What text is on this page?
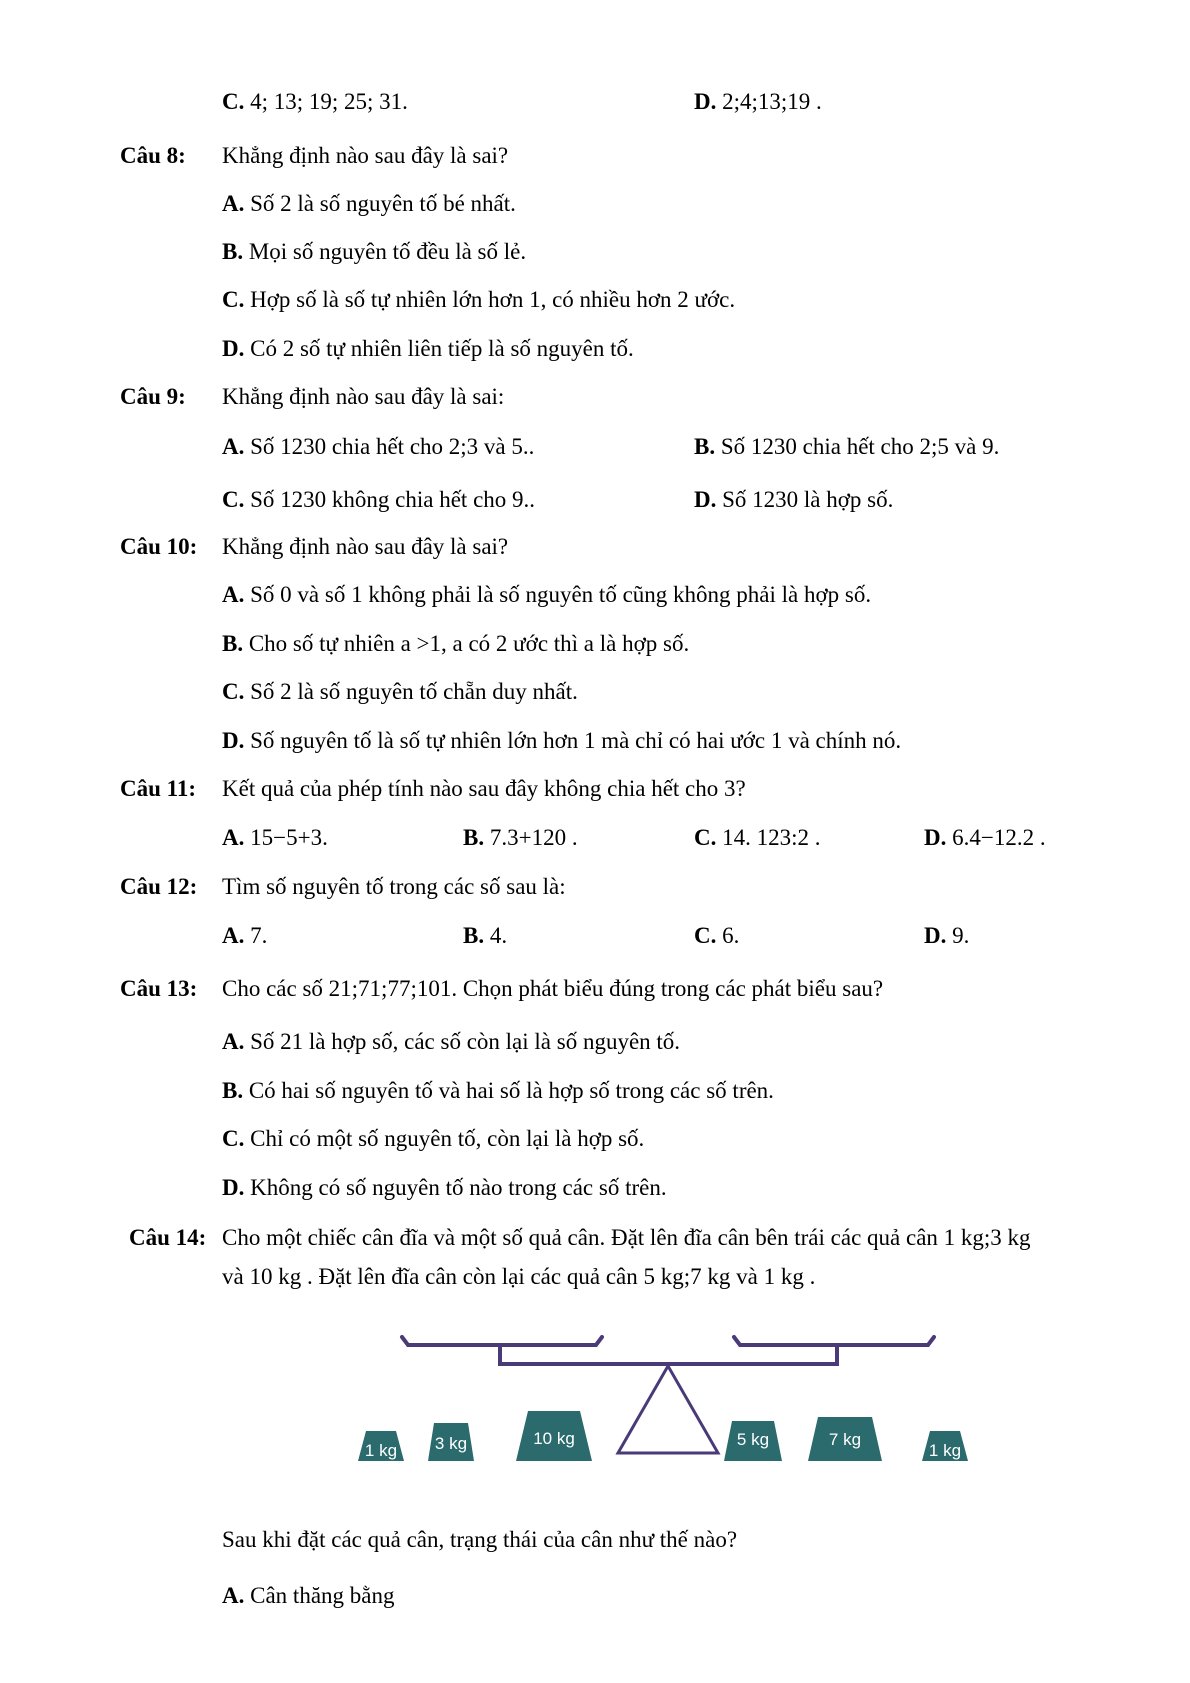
C. 4; 13; 19; 25; 31.	D. 2;4;13;19 .
Câu 8: Khẳng định nào sau đây là sai?
A. Số 2 là số nguyên tố bé nhất.
B. Mọi số nguyên tố đều là số lẻ.
C. Hợp số là số tự nhiên lớn hơn 1, có nhiều hơn 2 ước.
D. Có 2 số tự nhiên liên tiếp là số nguyên tố.
Câu 9: Khẳng định nào sau đây là sai:
A. Số 1230 chia hết cho 2;3 và 5..	B. Số 1230 chia hết cho 2;5 và 9.
C. Số 1230 không chia hết cho 9..	D. Số 1230 là hợp số.
Câu 10: Khẳng định nào sau đây là sai?
A. Số 0 và số 1 không phải là số nguyên tố cũng không phải là hợp số.
B. Cho số tự nhiên a >1, a có 2 ước thì a là hợp số.
C. Số 2 là số nguyên tố chẵn duy nhất.
D. Số nguyên tố là số tự nhiên lớn hơn 1 mà chỉ có hai ước 1 và chính nó.
Câu 11: Kết quả của phép tính nào sau đây không chia hết cho 3?
A. 15−5+3.	B. 7.3+120 .	C. 14. 123:2 .	D. 6.4−12.2 .
Câu 12: Tìm số nguyên tố trong các số sau là:
A. 7.	B. 4.	C. 6.	D. 9.
Câu 13: Cho các số 21;71;77;101. Chọn phát biểu đúng trong các phát biểu sau?
A. Số 21 là hợp số, các số còn lại là số nguyên tố.
B. Có hai số nguyên tố và hai số là hợp số trong các số trên.
C. Chỉ có một số nguyên tố, còn lại là hợp số.
D. Không có số nguyên tố nào trong các số trên.
Câu 14: Cho một chiếc cân đĩa và một số quả cân. Đặt lên đĩa cân bên trái các quả cân 1 kg;3 kg
và 10 kg . Đặt lên đĩa cân còn lại các quả cân 5 kg;7 kg và 1 kg .
1 kg 3 kg	10 kg	5 kg	7 kg
1 kg
Sau khi đặt các quả cân, trạng thái của cân như thế nào?
A. Cân thăng bằng
